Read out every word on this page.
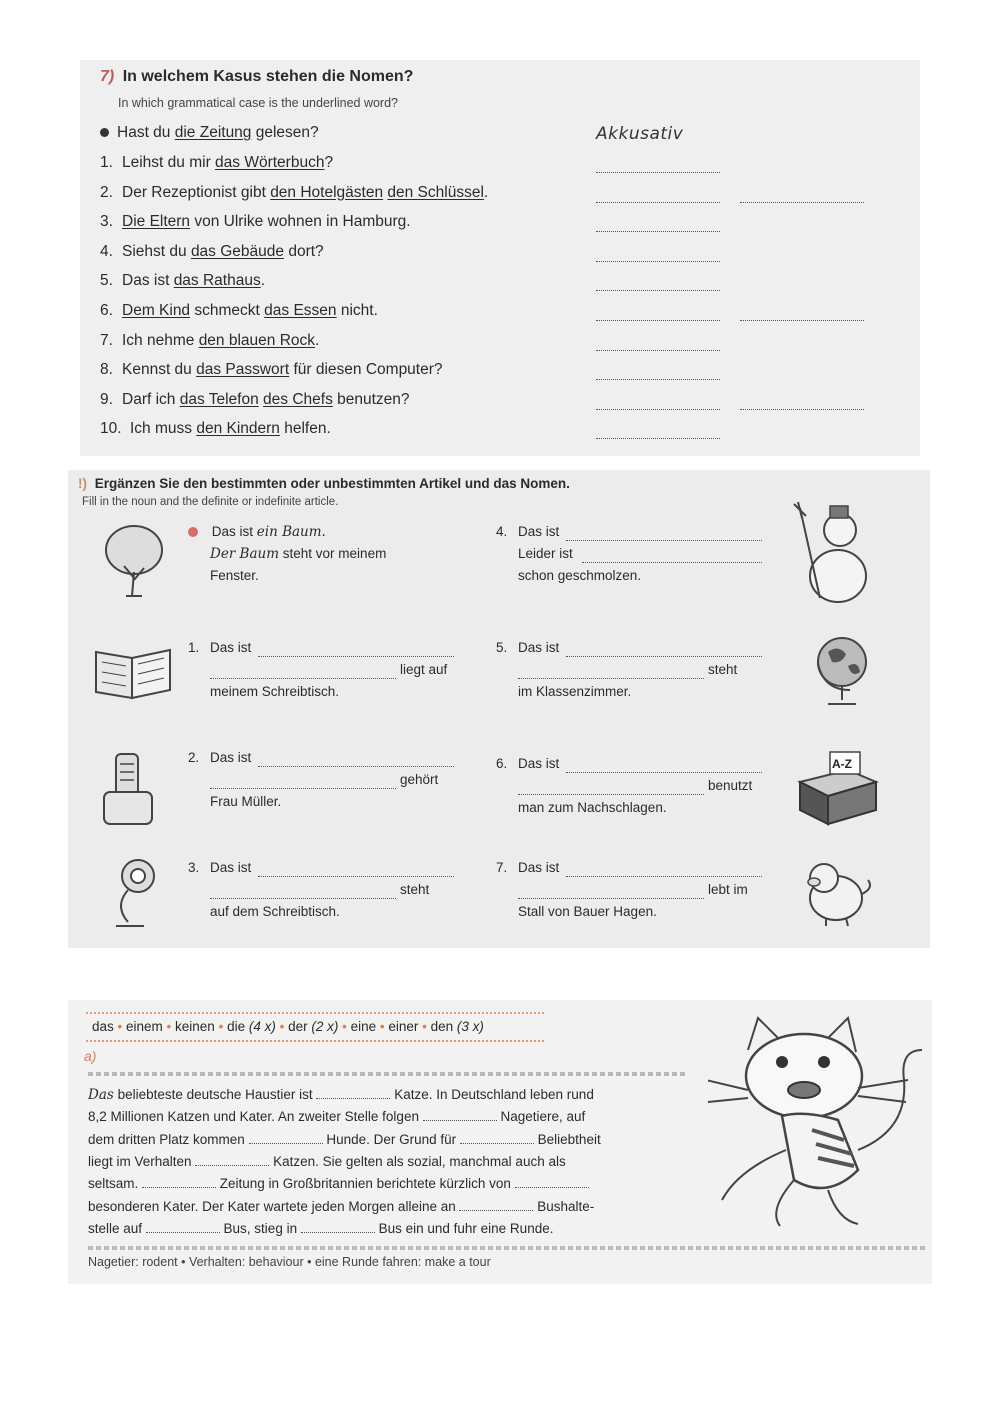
7) In welchem Kasus stehen die Nomen?
In which grammatical case is the underlined word?
Hast du die Zeitung gelesen?	Akkusativ
1. Leihst du mir das Wörterbuch?
2. Der Rezeptionist gibt den Hotelgästen den Schlüssel.
3. Die Eltern von Ulrike wohnen in Hamburg.
4. Siehst du das Gebäude dort?
5. Das ist das Rathaus.
6. Dem Kind schmeckt das Essen nicht.
7. Ich nehme den blauen Rock.
8. Kennst du das Passwort für diesen Computer?
9. Darf ich das Telefon des Chefs benutzen?
10. Ich muss den Kindern helfen.
!) Ergänzen Sie den bestimmten oder unbestimmten Artikel und das Nomen.
Fill in the noun and the definite or indefinite article.
Das ist ein Baum.
Der Baum steht vor meinem
Fenster.
1. Das ist
liegt auf
meinem Schreibtisch.
2. Das ist
gehört
Frau Müller.
3. Das ist
steht
auf dem Schreibtisch.
4. Das ist
Leider ist
schon geschmolzen.
5. Das ist
steht
im Klassenzimmer.
6. Das ist
benutzt
man zum Nachschlagen.
7. Das ist
lebt im
Stall von Bauer Hagen.
A-Z
das • einem • keinen • die (4 x) • der (2 x) • eine • einer • den (3 x)
a)
Das beliebteste deutsche Haustier ist	Katze. In Deutschland leben rund
8,2 Millionen Katzen und Kater. An zweiter Stelle folgen	Nagetiere, auf
dem dritten Platz kommen	Hunde. Der Grund für	Beliebtheit
liegt im Verhalten	Katzen. Sie gelten als sozial, manchmal auch als
seltsam.	Zeitung in Großbritannien berichtete kürzlich von
besonderen Kater. Der Kater wartete jeden Morgen alleine an	Bushalte-
stelle auf	Bus, stieg in	Bus ein und fuhr eine Runde.
Nagetier: rodent • Verhalten: behaviour • eine Runde fahren: make a tour
